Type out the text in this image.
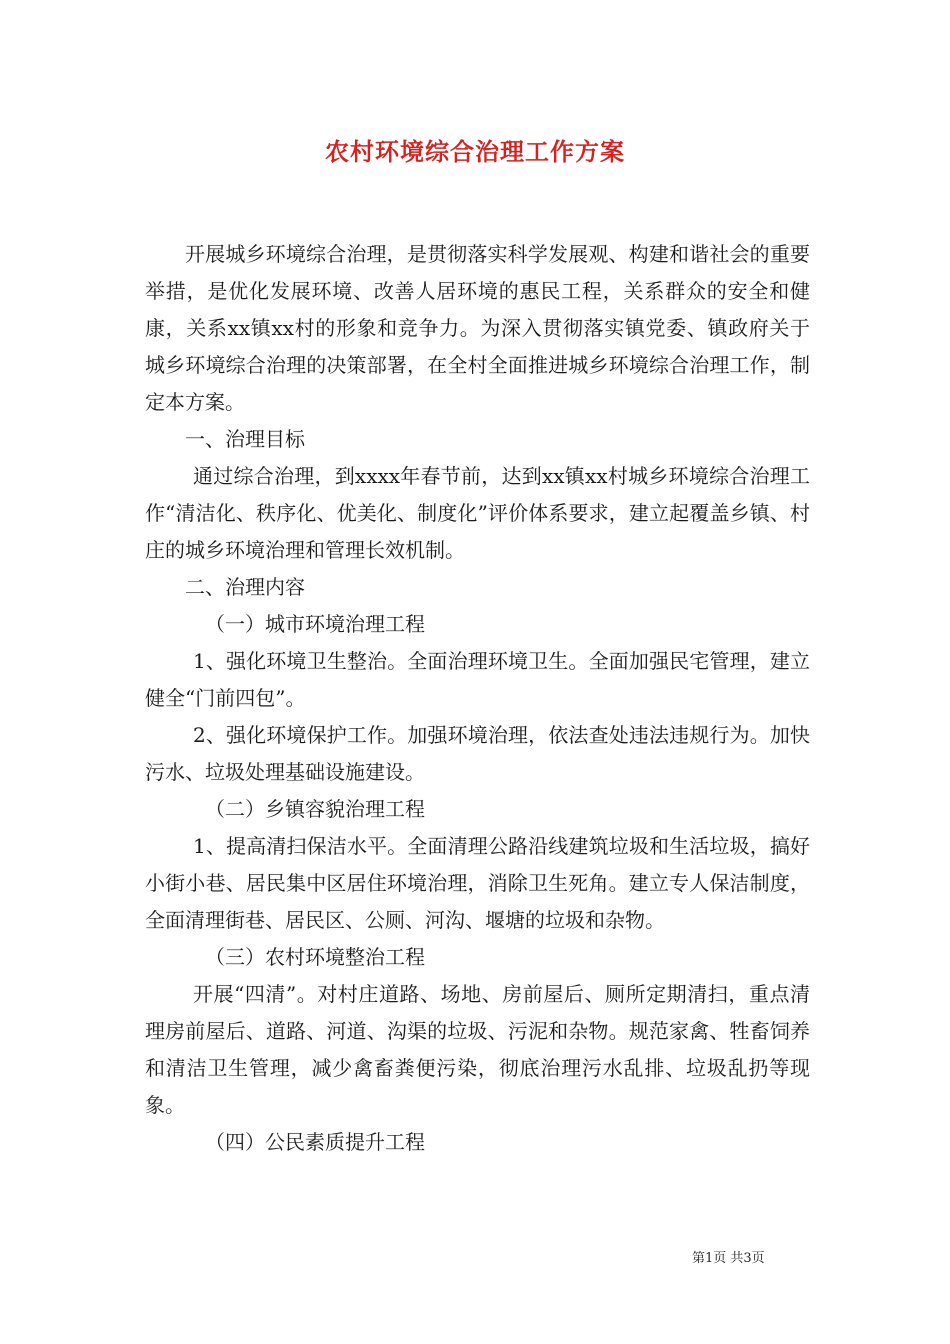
农村环境综合治理工作方案

开展城乡环境综合治理，是贯彻落实科学发展观、构建和谐社会的重要举措，是优化发展环境、改善人居环境的惠民工程，关系群众的安全和健康，关系xx镇xx村的形象和竞争力。为深入贯彻落实镇党委、镇政府关于城乡环境综合治理的决策部署，在全村全面推进城乡环境综合治理工作，制定本方案。

一、治理目标

通过综合治理，到xxxx年春节前，达到xx镇xx村城乡环境综合治理工作“清洁化、秩序化、优美化、制度化”评价体系要求，建立起覆盖乡镇、村庄的城乡环境治理和管理长效机制。

二、治理内容

（一）城市环境治理工程

1、强化环境卫生整治。全面治理环境卫生。全面加强民宅管理，建立健全“门前四包”。

2、强化环境保护工作。加强环境治理，依法查处违法违规行为。加快污水、垃圾处理基础设施建设。

（二）乡镇容貌治理工程

1、提高清扫保洁水平。全面清理公路沿线建筑垃圾和生活垃圾，搞好小街小巷、居民集中区居住环境治理，消除卫生死角。建立专人保洁制度，全面清理街巷、居民区、公厕、河沟、堰塘的垃圾和杂物。

（三）农村环境整治工程

开展“四清”。对村庄道路、场地、房前屋后、厕所定期清扫，重点清理房前屋后、道路、河道、沟渠的垃圾、污泥和杂物。规范家禽、牲畜饲养和清洁卫生管理，减少禽畜粪便污染，彻底治理污水乱排、垃圾乱扔等现象。

（四）公民素质提升工程

第1页 共3页
